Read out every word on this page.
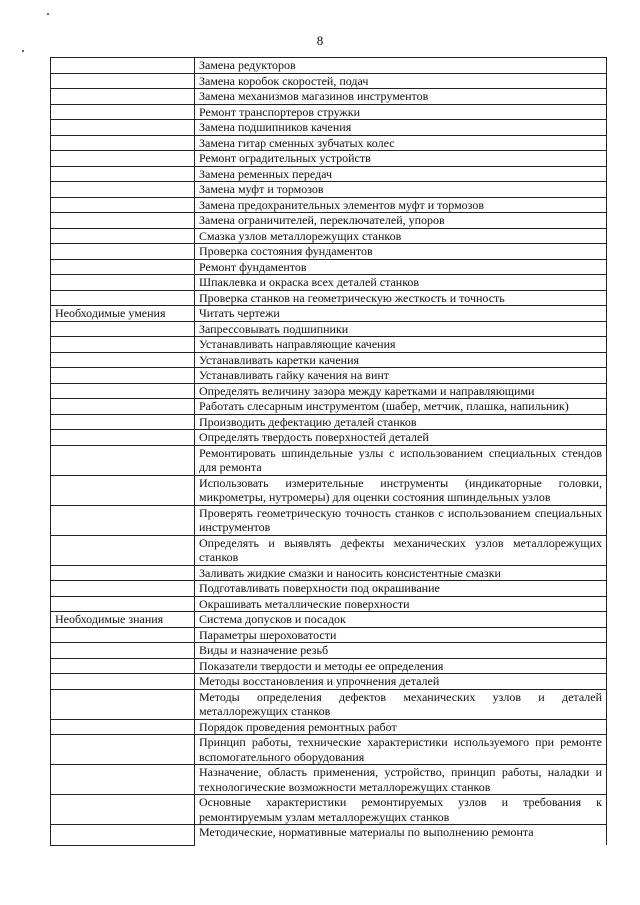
8
	Замена редукторов
	Замена коробок скоростей, подач
	Замена механизмов магазинов инструментов
	Ремонт транспортеров стружки
	Замена подшипников качения
	Замена гитар сменных зубчатых колес
	Ремонт оградительных устройств
	Замена ременных передач
	Замена муфт и тормозов
	Замена предохранительных элементов муфт и тормозов
	Замена ограничителей, переключателей, упоров
	Смазка узлов металлорежущих станков
	Проверка состояния фундаментов
	Ремонт фундаментов
	Шпаклевка и окраска всех деталей станков
	Проверка станков на геометрическую жесткость и точность
Необходимые умения	Читать чертежи
	Запрессовывать подшипники
	Устанавливать направляющие качения
	Устанавливать каретки качения
	Устанавливать гайку качения на винт
	Определять величину зазора между каретками и направляющими
	Работать слесарным инструментом (шабер, метчик, плашка, напильник)
	Производить дефектацию деталей станков
	Определять твердость поверхностей деталей
	Ремонтировать шпиндельные узлы с использованием специальных стендов для ремонта
	Использовать измерительные инструменты (индикаторные головки, микрометры, нутромеры) для оценки состояния шпиндельных узлов
	Проверять геометрическую точность станков с использованием специальных инструментов
	Определять и выявлять дефекты механических узлов металлорежущих станков
	Заливать жидкие смазки и наносить консистентные смазки
	Подготавливать поверхности под окрашивание
	Окрашивать металлические поверхности
Необходимые знания	Система допусков и посадок
	Параметры шероховатости
	Виды и назначение резьб
	Показатели твердости и методы ее определения
	Методы восстановления и упрочнения деталей
	Методы определения дефектов механических узлов и деталей металлорежущих станков
	Порядок проведения ремонтных работ
	Принцип работы, технические характеристики используемого при ремонте вспомогательного оборудования
	Назначение, область применения, устройство, принцип работы, наладки и технологические возможности металлорежущих станков
	Основные характеристики ремонтируемых узлов и требования к ремонтируемым узлам металлорежущих станков
	Методические, нормативные материалы по выполнению ремонта
